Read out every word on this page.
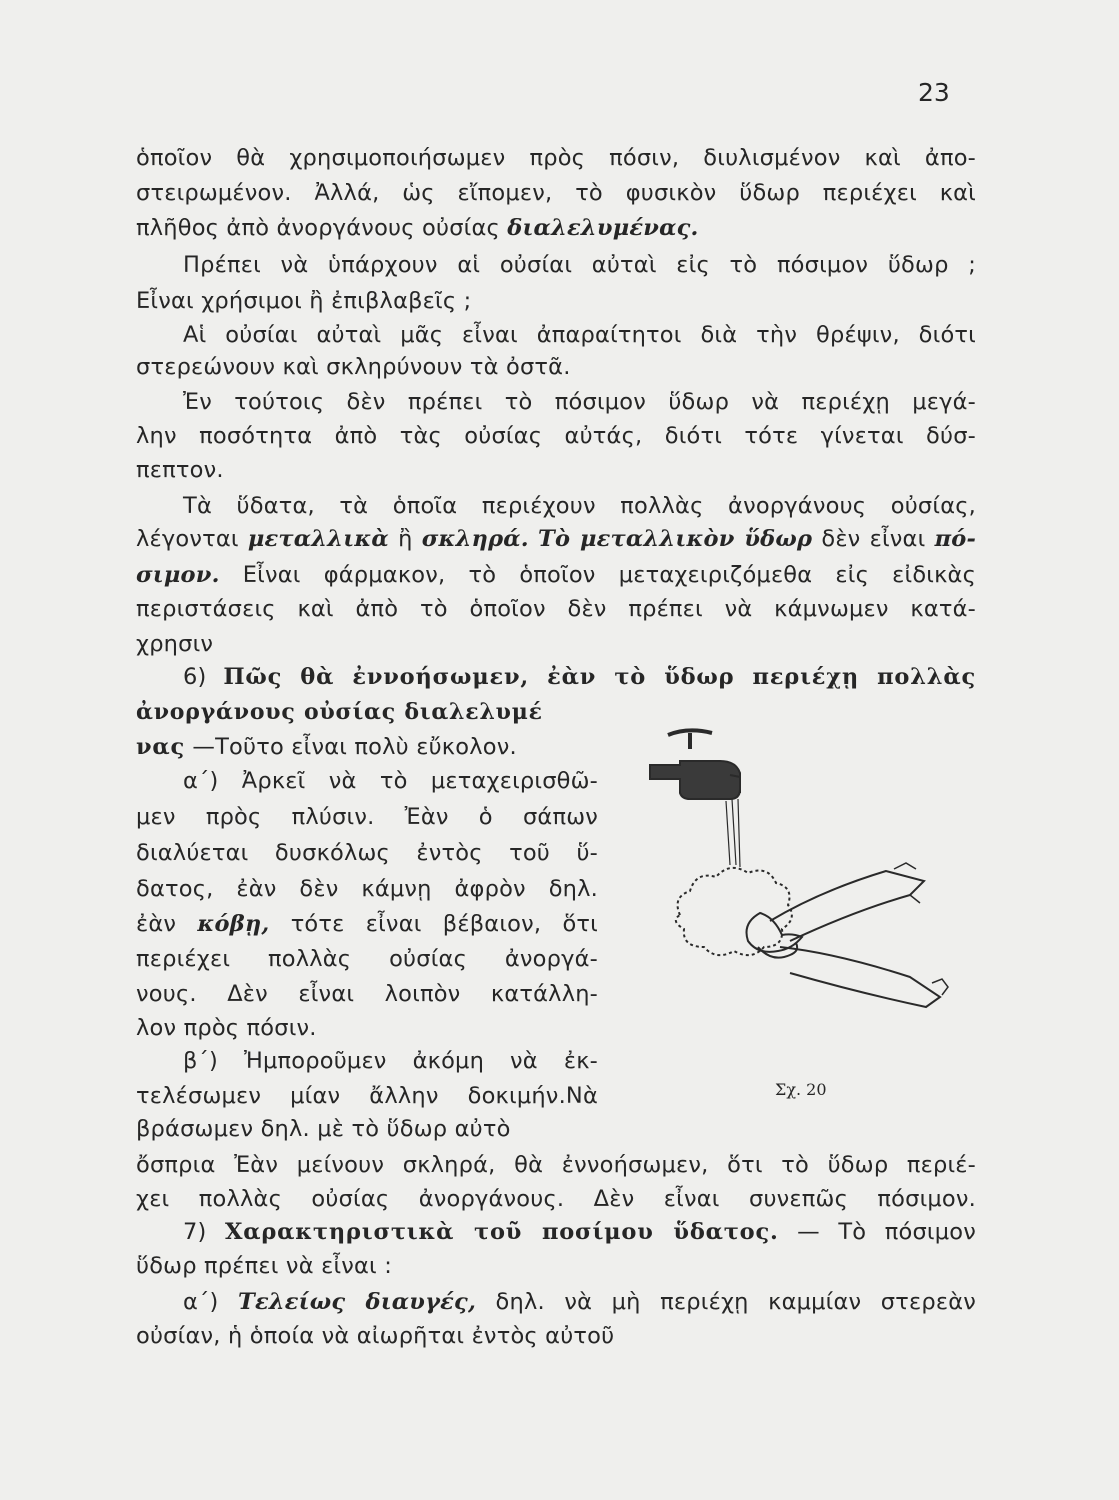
23
ὁποῖον θὰ χρησιμοποιήσωμεν πρὸς πόσιν, διυλισμένον καὶ ἀπο-
στειρωμένον. Ἀλλά, ὡς εἴπομεν, τὸ φυσικὸν ὕδωρ περιέχει καὶ
πλῆθος ἀπὸ ἀνοργάνους οὐσίας διαλελυμένας.
Πρέπει νὰ ὑπάρχουν αἱ οὐσίαι αὐταὶ εἰς τὸ πόσιμον ὕδωρ ;
Εἶναι χρήσιμοι ἢ ἐπιβλαβεῖς ;
Αἱ οὐσίαι αὐταὶ μᾶς εἶναι ἀπαραίτητοι διὰ τὴν θρέψιν, διότι
στερεώνουν καὶ σκληρύνουν τὰ ὀστᾶ.
Ἐν τούτοις δὲν πρέπει τὸ πόσιμον ὕδωρ νὰ περιέχῃ μεγά-
λην ποσότητα ἀπὸ τὰς οὐσίας αὐτάς, διότι τότε γίνεται δύσ-
πεπτον.
Τὰ ὕδατα, τὰ ὁποῖα περιέχουν πολλὰς ἀνοργάνους οὐσίας,
λέγονται μεταλλικὰ ἢ σκληρά. Τὸ μεταλλικὸν ὕδωρ δὲν εἶναι πό-
σιμον. Εἶναι φάρμακον, τὸ ὁποῖον μεταχειριζόμεθα εἰς εἰδικὰς
περιστάσεις καὶ ἀπὸ τὸ ὁποῖον δὲν πρέπει νὰ κάμνωμεν κατά-
χρησιν
6) Πῶς θὰ ἐννοήσωμεν, ἐὰν τὸ ὕδωρ περιέχῃ πολλὰς
ἀνοργάνους οὐσίας διαλελυμέ
νας —Τοῦτο εἶναι πολὺ εὔκολον.
α΄) Ἀρκεῖ νὰ τὸ μεταχειρισθῶ-
μεν πρὸς πλύσιν. Ἐὰν ὁ σάπων
διαλύεται δυσκόλως ἐντὸς τοῦ ὕ-
δατος, ἐὰν δὲν κάμνῃ ἀφρὸν δηλ.
ἐὰν κόβῃ, τότε εἶναι βέβαιον, ὅτι
περιέχει πολλὰς οὐσίας ἀνοργά-
νους. Δὲν εἶναι λοιπὸν κατάλλη-
λον πρὸς πόσιν.
β΄) Ἠμποροῦμεν ἀκόμη νὰ ἐκ-
τελέσωμεν μίαν ἄλλην δοκιμήν.Νὰ
βράσωμεν δηλ. μὲ τὸ ὕδωρ αὐτὸ
ὄσπρια Ἐὰν μείνουν σκληρά, θὰ ἐννοήσωμεν, ὅτι τὸ ὕδωρ περιέ-
χει πολλὰς οὐσίας ἀνοργάνους. Δὲν εἶναι συνεπῶς πόσιμον.
7) Χαρακτηριστικὰ τοῦ ποσίμου ὕδατος. — Τὸ πόσιμον
ὕδωρ πρέπει νὰ εἶναι :
α΄) Τελείως διαυγές, δηλ. νὰ μὴ περιέχῃ καμμίαν στερεὰν
οὐσίαν, ἡ ὁποία νὰ αἰωρῆται ἐντὸς αὐτοῦ
Σχ. 20
